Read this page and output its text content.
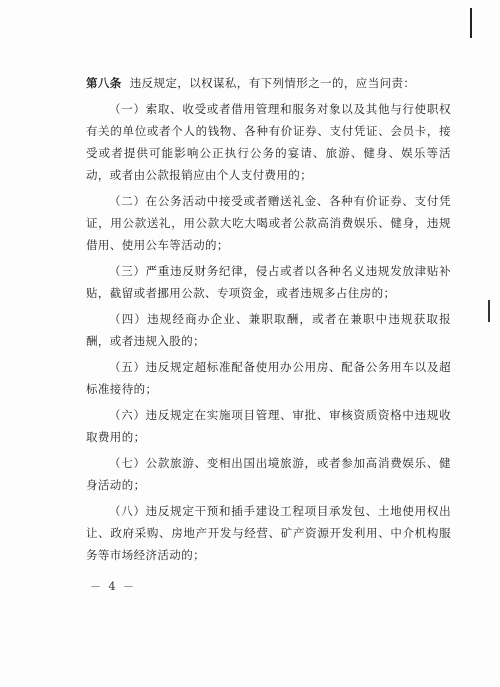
第八条 违反规定，以权谋私，有下列情形之一的，应当问责：

（一）索取、收受或者借用管理和服务对象以及其他与行使职权有关的单位或者个人的钱物、各种有价证券、支付凭证、会员卡，接受或者提供可能影响公正执行公务的宴请、旅游、健身、娱乐等活动，或者由公款报销应由个人支付费用的；

（二）在公务活动中接受或者赠送礼金、各种有价证券、支付凭证，用公款送礼，用公款大吃大喝或者公款高消费娱乐、健身，违规借用、使用公车等活动的；

（三）严重违反财务纪律，侵占或者以各种名义违规发放津贴补贴，截留或者挪用公款、专项资金，或者违规多占住房的；

（四）违规经商办企业、兼职取酬，或者在兼职中违规获取报酬，或者违规入股的；

（五）违反规定超标准配备使用办公用房、配备公务用车以及超标准接待的；

（六）违反规定在实施项目管理、审批、审核资质资格中违规收取费用的；

（七）公款旅游、变相出国出境旅游，或者参加高消费娱乐、健身活动的；

（八）违反规定干预和插手建设工程项目承发包、土地使用权出让、政府采购、房地产开发与经营、矿产资源开发利用、中介机构服务等市场经济活动的；

－ 4 －
